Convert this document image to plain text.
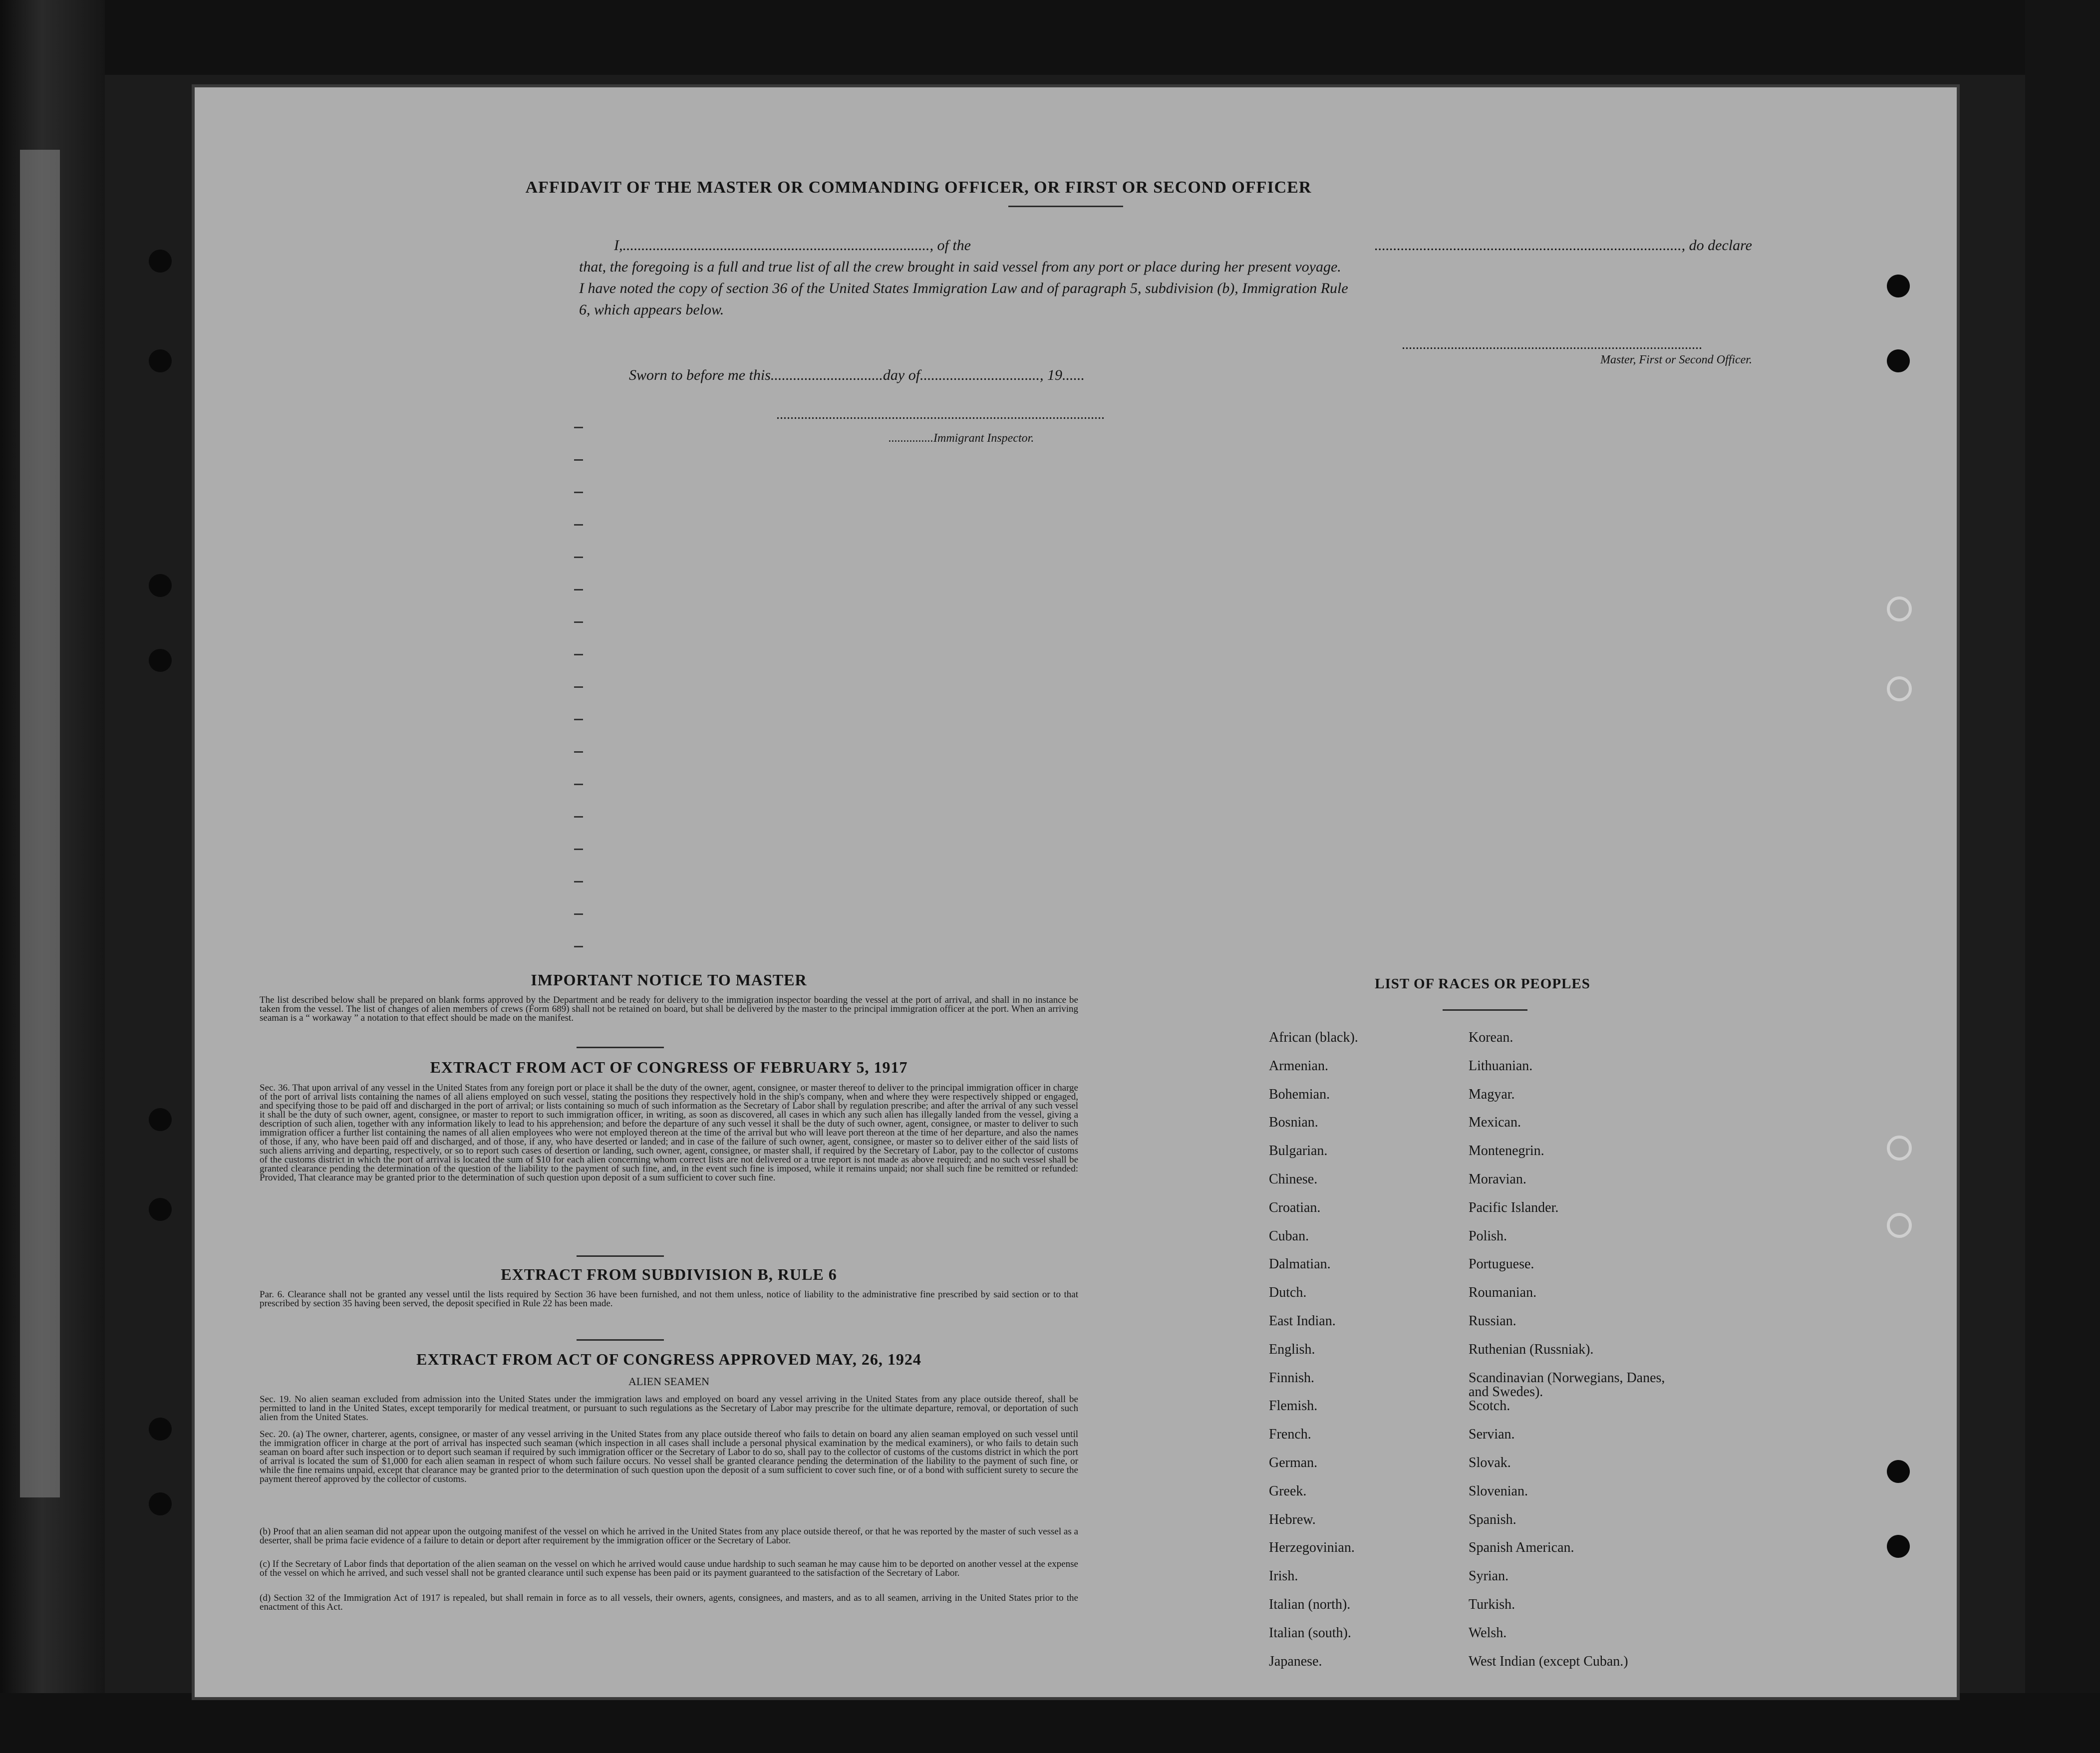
AFFIDAVIT OF THE MASTER OR COMMANDING OFFICER, OR FIRST OR SECOND OFFICER
I,.................................................................................., of the	.................................................................................., do declare
that, the foregoing is a full and true list of all the crew brought in said vessel from any port or place during her present voyage.
I have noted the copy of section 36 of the United States Immigration Law and of paragraph 5, subdivision (b), Immigration Rule
6, which appears below.
......................................................................................
Master, First or Second Officer.
Sworn to before me this..............................day of................................, 19......
..............................................................................................
...............Immigrant Inspector.
IMPORTANT NOTICE TO MASTER
The list described below shall be prepared on blank forms approved by the Department and be ready for delivery to the immigration inspector boarding the vessel at the port of arrival, and shall in no instance be taken from the vessel. The list of changes of alien members of crews (Form 689) shall not be retained on board, but shall be delivered by the master to the principal immigration officer at the port. When an arriving seaman is a “ workaway ” a notation to that effect should be made on the manifest.
EXTRACT FROM ACT OF CONGRESS OF FEBRUARY 5, 1917
Sec. 36. That upon arrival of any vessel in the United States from any foreign port or place it shall be the duty of the owner, agent, consignee, or master thereof to deliver to the principal immigration officer in charge of the port of arrival lists containing the names of all aliens employed on such vessel, stating the positions they respectively hold in the ship's company, when and where they were respectively shipped or engaged, and specifying those to be paid off and discharged in the port of arrival; or lists containing so much of such information as the Secretary of Labor shall by regulation prescribe; and after the arrival of any such vessel it shall be the duty of such owner, agent, consignee, or master to report to such immigration officer, in writing, as soon as discovered, all cases in which any such alien has illegally landed from the vessel, giving a description of such alien, together with any information likely to lead to his apprehension; and before the departure of any such vessel it shall be the duty of such owner, agent, consignee, or master to deliver to such immigration officer a further list containing the names of all alien employees who were not employed thereon at the time of the arrival but who will leave port thereon at the time of her departure, and also the names of those, if any, who have been paid off and discharged, and of those, if any, who have deserted or landed; and in case of the failure of such owner, agent, consignee, or master so to deliver either of the said lists of such aliens arriving and departing, respectively, or so to report such cases of desertion or landing, such owner, agent, consignee, or master shall, if required by the Secretary of Labor, pay to the collector of customs of the customs district in which the port of arrival is located the sum of $10 for each alien concerning whom correct lists are not delivered or a true report is not made as above required; and no such vessel shall be granted clearance pending the determination of the question of the liability to the payment of such fine, and, in the event such fine is imposed, while it remains unpaid; nor shall such fine be remitted or refunded: Provided, That clearance may be granted prior to the determination of such question upon deposit of a sum sufficient to cover such fine.
EXTRACT FROM SUBDIVISION B, RULE 6
Par. 6. Clearance shall not be granted any vessel until the lists required by Section 36 have been furnished, and not them unless, notice of liability to the administrative fine prescribed by said section or to that prescribed by section 35 having been served, the deposit specified in Rule 22 has been made.
EXTRACT FROM ACT OF CONGRESS APPROVED MAY, 26, 1924
ALIEN SEAMEN
Sec. 19. No alien seaman excluded from admission into the United States under the immigration laws and employed on board any vessel arriving in the United States from any place outside thereof, shall be permitted to land in the United States, except temporarily for medical treatment, or pursuant to such regulations as the Secretary of Labor may prescribe for the ultimate departure, removal, or deportation of such alien from the United States.
Sec. 20. (a) The owner, charterer, agents, consignee, or master of any vessel arriving in the United States from any place outside thereof who fails to detain on board any alien seaman employed on such vessel until the immigration officer in charge at the port of arrival has inspected such seaman (which inspection in all cases shall include a personal physical examination by the medical examiners), or who fails to detain such seaman on board after such inspection or to deport such seaman if required by such immigration officer or the Secretary of Labor to do so, shall pay to the collector of customs of the customs district in which the port of arrival is located the sum of $1,000 for each alien seaman in respect of whom such failure occurs. No vessel shall be granted clearance pending the determination of the liability to the payment of such fine, or while the fine remains unpaid, except that clearance may be granted prior to the determination of such question upon the deposit of a sum sufficient to cover such fine, or of a bond with sufficient surety to secure the payment thereof approved by the collector of customs.
(b) Proof that an alien seaman did not appear upon the outgoing manifest of the vessel on which he arrived in the United States from any place outside thereof, or that he was reported by the master of such vessel as a deserter, shall be prima facie evidence of a failure to detain or deport after requirement by the immigration officer or the Secretary of Labor.
(c) If the Secretary of Labor finds that deportation of the alien seaman on the vessel on which he arrived would cause undue hardship to such seaman he may cause him to be deported on another vessel at the expense of the vessel on which he arrived, and such vessel shall not be granted clearance until such expense has been paid or its payment guaranteed to the satisfaction of the Secretary of Labor.
(d) Section 32 of the Immigration Act of 1917 is repealed, but shall remain in force as to all vessels, their owners, agents, consignees, and masters, and as to all seamen, arriving in the United States prior to the enactment of this Act.
LIST OF RACES OR PEOPLES
African (black).
Armenian.
Bohemian.
Bosnian.
Bulgarian.
Chinese.
Croatian.
Cuban.
Dalmatian.
Dutch.
East Indian.
English.
Finnish.
Flemish.
French.
German.
Greek.
Hebrew.
Herzegovinian.
Irish.
Italian (north).
Italian (south).
Japanese.
Korean.
Lithuanian.
Magyar.
Mexican.
Montenegrin.
Moravian.
Pacific Islander.
Polish.
Portuguese.
Roumanian.
Russian.
Ruthenian (Russniak).
Scandinavian (Norwegians, Danes, and Swedes).
Scotch.
Servian.
Slovak.
Slovenian.
Spanish.
Spanish American.
Syrian.
Turkish.
Welsh.
West Indian (except Cuban.)
